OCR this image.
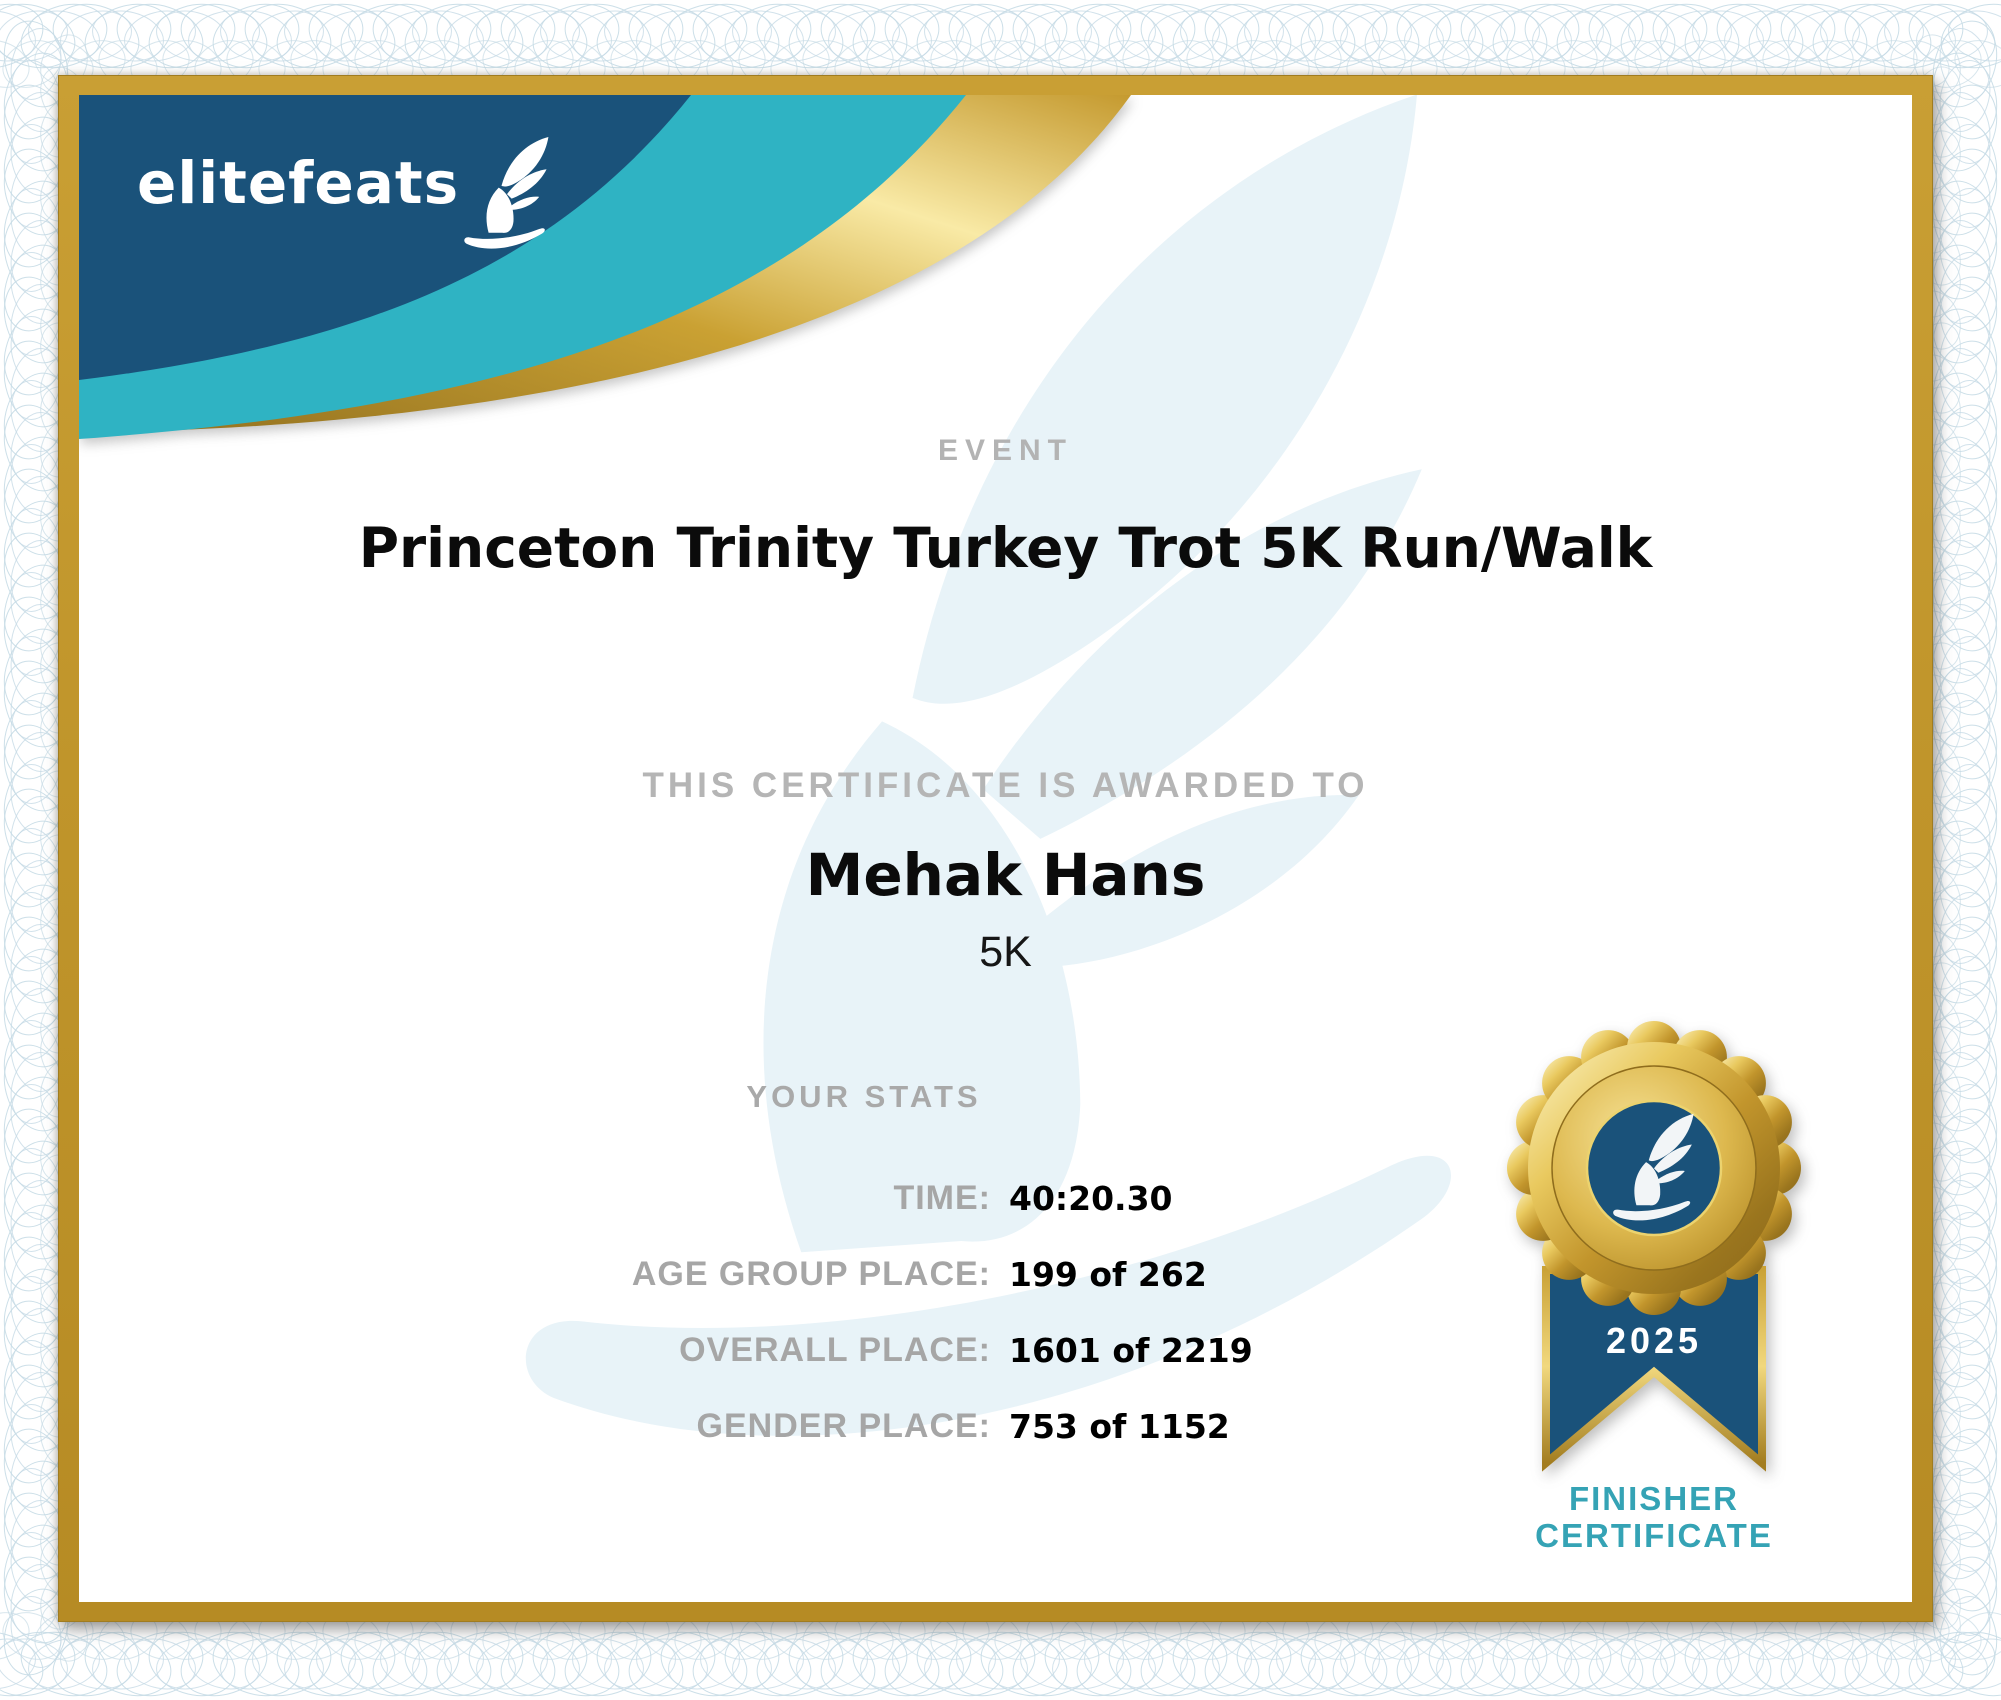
elitefeats
EVENT
Princeton Trinity Turkey Trot 5K Run/Walk
THIS CERTIFICATE IS AWARDED TO
Mehak Hans
5K
YOUR STATS
TIME: 40:20.30
AGE GROUP PLACE: 199 of 262
OVERALL PLACE: 1601 of 2219
GENDER PLACE: 753 of 1152
2025
FINISHER
CERTIFICATE
